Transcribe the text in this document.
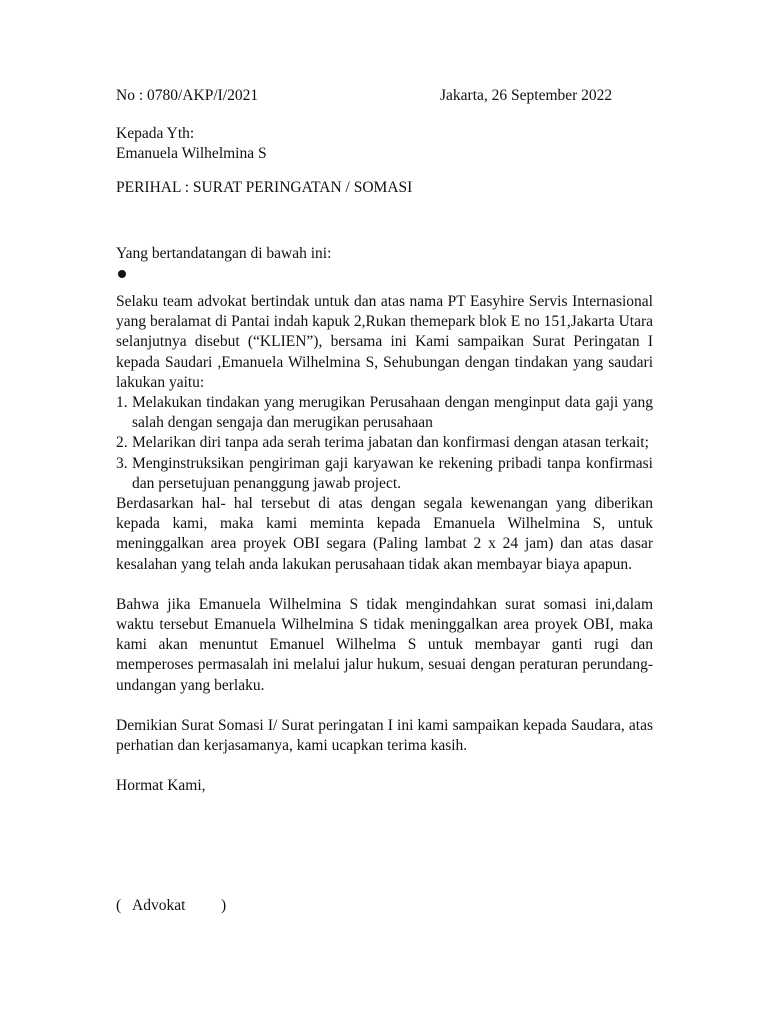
No : 0780/AKP/I/2021	Jakarta, 26 September 2022
Kepada Yth:
Emanuela Wilhelmina S
PERIHAL : SURAT PERINGATAN / SOMASI
Yang bertandatangan di bawah ini:

Selaku team advokat bertindak untuk dan atas nama PT Easyhire Servis Internasional yang beralamat di Pantai indah kapuk 2,Rukan themepark blok E no 151,Jakarta Utara selanjutnya disebut (“KLIEN”), bersama ini Kami sampaikan Surat Peringatan I kepada Saudari ,Emanuela Wilhelmina S, Sehubungan dengan tindakan yang saudari lakukan yaitu:

1. Melakukan tindakan yang merugikan Perusahaan dengan menginput data gaji yang salah dengan sengaja dan merugikan perusahaan
2. Melarikan diri tanpa ada serah terima jabatan dan konfirmasi dengan atasan terkait;
3. Menginstruksikan pengiriman gaji karyawan ke rekening pribadi tanpa konfirmasi dan persetujuan penanggung jawab project.

Berdasarkan hal- hal tersebut di atas dengan segala kewenangan yang diberikan kepada kami, maka kami meminta kepada Emanuela Wilhelmina S, untuk meninggalkan area proyek OBI segara (Paling lambat 2 x 24 jam) dan atas dasar kesalahan yang telah anda lakukan perusahaan tidak akan membayar biaya apapun.

Bahwa jika Emanuela Wilhelmina S tidak mengindahkan surat somasi ini,dalam waktu tersebut Emanuela Wilhelmina S tidak meninggalkan area proyek OBI, maka kami akan menuntut Emanuel Wilhelma S untuk membayar ganti rugi dan memperoses permasalah ini melalui jalur hukum, sesuai dengan peraturan perundang- undangan yang berlaku.

Demikian Surat Somasi I/ Surat peringatan I ini kami sampaikan kepada Saudara, atas perhatian dan kerjasamanya, kami ucapkan terima kasih.

Hormat Kami,
( Advokat )
